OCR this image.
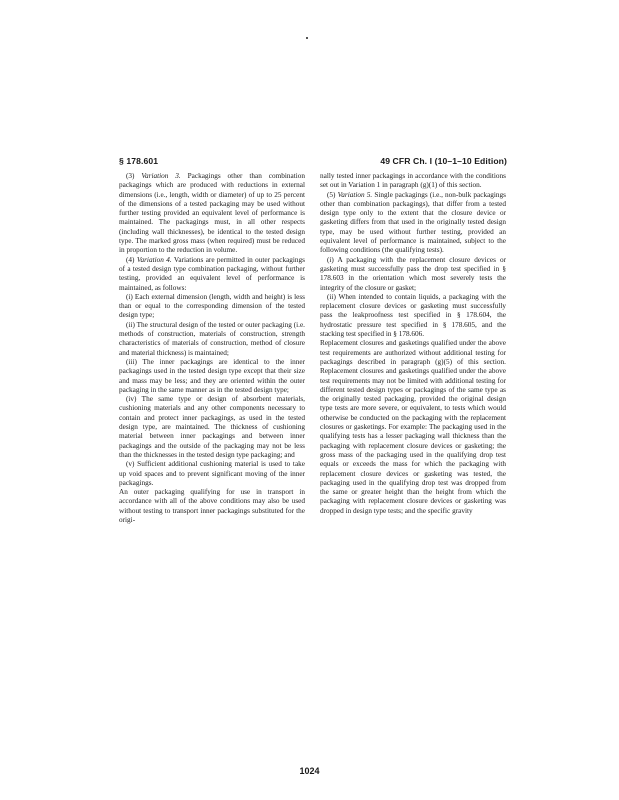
§ 178.601	49 CFR Ch. I (10–1–10 Edition)

(3) Variation 3. Packagings other than combination packagings which are produced with reductions in external dimensions (i.e., length, width or diameter) of up to 25 percent of the dimensions of a tested packaging may be used without further testing provided an equivalent level of performance is maintained. The packagings must, in all other respects (including wall thicknesses), be identical to the tested design type. The marked gross mass (when required) must be reduced in proportion to the reduction in volume.

(4) Variation 4. Variations are permitted in outer packagings of a tested design type combination packaging, without further testing, provided an equivalent level of performance is maintained, as follows:

(i) Each external dimension (length, width and height) is less than or equal to the corresponding dimension of the tested design type;

(ii) The structural design of the tested or outer packaging (i.e. methods of construction, materials of construction, strength characteristics of materials of construction, method of closure and material thickness) is maintained;

(iii) The inner packagings are identical to the inner packagings used in the tested design type except that their size and mass may be less; and they are oriented within the outer packaging in the same manner as in the tested design type;

(iv) The same type or design of absorbent materials, cushioning materials and any other components necessary to contain and protect inner packagings, as used in the tested design type, are maintained. The thickness of cushioning material between inner packagings and between inner packagings and the outside of the packaging may not be less than the thicknesses in the tested design type packaging; and

(v) Sufficient additional cushioning material is used to take up void spaces and to prevent significant moving of the inner packagings.

An outer packaging qualifying for use in transport in accordance with all of the above conditions may also be used without testing to transport inner packagings substituted for the origi-

nally tested inner packagings in accordance with the conditions set out in Variation 1 in paragraph (g)(1) of this section.

(5) Variation 5. Single packagings (i.e., non-bulk packagings other than combination packagings), that differ from a tested design type only to the extent that the closure device or gasketing differs from that used in the originally tested design type, may be used without further testing, provided an equivalent level of performance is maintained, subject to the following conditions (the qualifying tests).

(i) A packaging with the replacement closure devices or gasketing must successfully pass the drop test specified in § 178.603 in the orientation which most severely tests the integrity of the closure or gasket;

(ii) When intended to contain liquids, a packaging with the replacement closure devices or gasketing must successfully pass the leakproofness test specified in § 178.604, the hydrostatic pressure test specified in § 178.605, and the stacking test specified in § 178.606.

Replacement closures and gasketings qualified under the above test requirements are authorized without additional testing for packagings described in paragraph (g)(5) of this section. Replacement closures and gasketings qualified under the above test requirements may not be limited with additional testing for different tested design types or packagings of the same type as the originally tested packaging, provided the original design type tests are more severe, or equivalent, to tests which would otherwise be conducted on the packaging with the replacement closures or gasketings. For example: The packaging used in the qualifying tests has a lesser packaging wall thickness than the packaging with replacement closure devices or gasketing; the gross mass of the packaging used in the qualifying drop test equals or exceeds the mass for which the packaging with replacement closure devices or gasketing was tested, the packaging used in the qualifying drop test was dropped from the same or greater height than the height from which the packaging with replacement closure devices or gasketing was dropped in design type tests; and the specific gravity

1024
